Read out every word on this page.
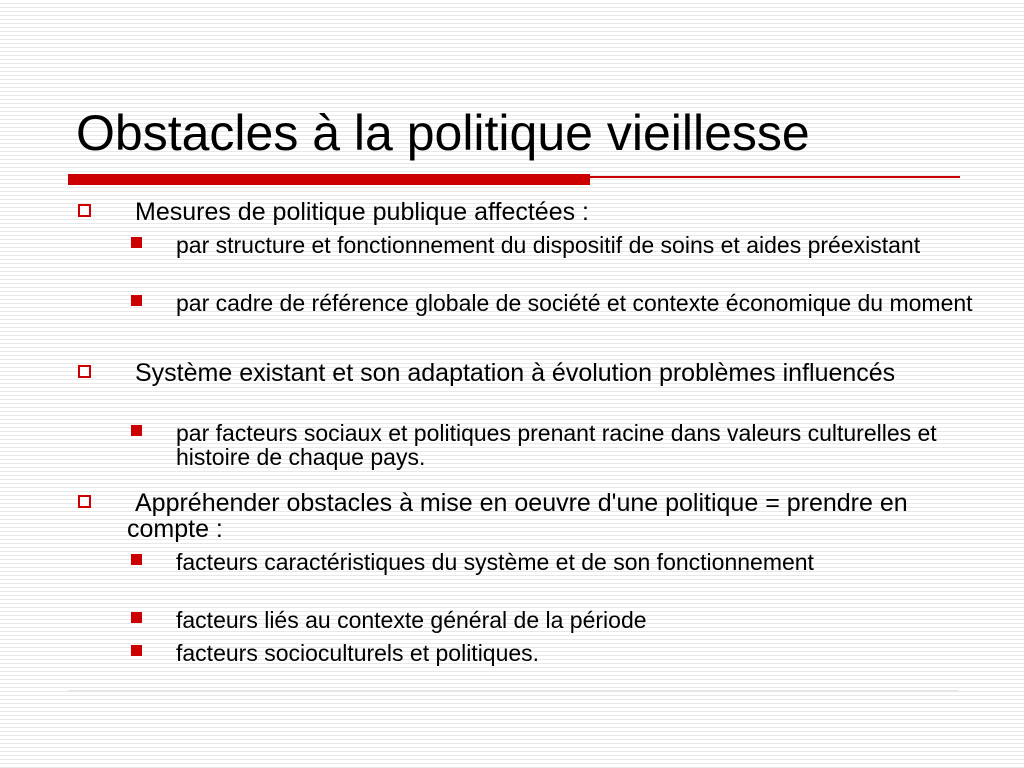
Obstacles à la politique vieillesse
Mesures de politique publique affectées :
par structure et fonctionnement du dispositif de soins et aides préexistant
par cadre de référence globale de société et contexte économique du moment
Système existant et son adaptation à évolution problèmes influencés
par facteurs sociaux et politiques prenant racine dans valeurs culturelles et histoire de chaque pays.
Appréhender obstacles à mise en oeuvre d'une politique = prendre en compte :
facteurs caractéristiques du système et de son fonctionnement
facteurs liés au contexte général de la période
facteurs socioculturels et politiques.
